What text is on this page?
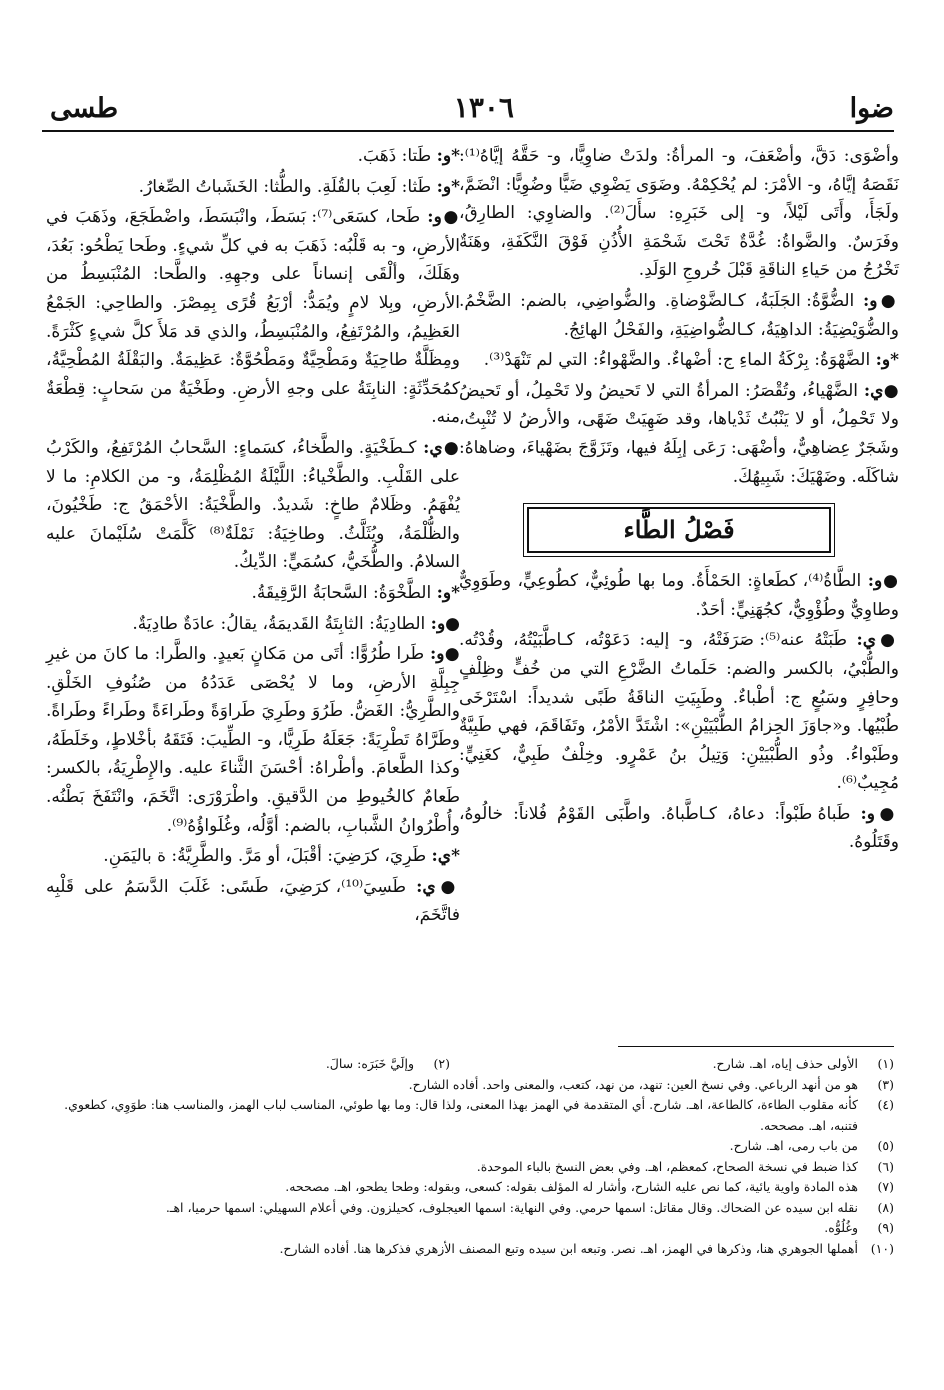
ضوا
١٣٠٦
طسى

وأضْوَى: دَقَّ، وأضْعَفَ، و- المرأةُ: ولدَتْ ضاوِيًّا، و- حَقَّهُ إيَّاهُ⁽¹⁾: نَقَصَهُ إيَّاهُ، و- الأمْرَ: لم يُحْكِمْهُ. وضَوَى يَضْوِي ضَيًّا وضُوِيًّا: انْضَمَّ، ولَجَأَ، وأَتَى لَيْلاً، و- إلى خَبَرِهِ: سأَلَ⁽²⁾. والضاوِي: الطارِقُ، وفَرَسٌ. والضَّواةُ: غُدَّةٌ تَحْتَ شَحْمَةِ الأُذُنِ فَوْقَ النَّكَفَةِ، وهَنَةٌ تَخْرُجُ من حَياءِ الناقَةِ قَبْلَ خُروجِ الوَلَدِ.

●و: الضُّوَّةُ: الجَلَبَةُ، كـالضَّوْضاةِ. والضُّواضِي، بالضم: الضَّخْمُ. والضُّوَيْضِيَةُ: الداهِيَةُ، كـالضُّواضِيَةِ، والفَحْلُ الهائِجُ.

*و: الضَّهْوَةُ: بِرْكَةُ الماءِ ج: أضْهاءٌ. والضَّهْواءُ: التي لم تَنْهَدْ⁽³⁾.

●ي: الضَّهْياءُ، وتُقْصَرُ: المرأةُ التي لا تَحيضُ ولا تَحْمِلُ، أو تَحيضُ ولا تَحْمِلُ، أو لا يَنْبُتُ ثَدْياها، وقد ضَهِيَتْ ضَهًى، والأرضُ لا تُنْبِتُ، وشَجَرٌ عِضاهِيٌّ، وأضْهَى: رَعَى إبِلَهُ فيها، وتَزَوَّجَ بضَهْياءَ، وضاهاهُ: شاكَلَه. وضَهْيَكَ: شَبِيهُكَ.

فَصْلُ الطَّاء

●و: الطَّاةُ⁽⁴⁾، كطَعاةٍ: الحَمْأَةُ. وما بها طُوئِيٌّ، كطُوعِيٍّ، وطَوَوِيٌّ وطاوِيٌّ وطُؤْوِيٌّ، كجُهَنِيٍّ: أحَدٌ.

●ي: طَبَتْهُ عنه⁽⁵⁾: صَرَفَتْهُ، و- إليه: دَعَوْتُه، كـاطَّبَيْتُهُ، وقُدْتُه. والطُّبْيُ، بالكسر والضم: حَلَماتُ الضَّرْعِ التي من خُفٍّ وظِلْفٍ وحافِرٍ وسَبُعٍ ج: أطْباءٌ. وطَبِيَتِ الناقَةُ طَبًى شديداً: اسْتَرْخَى طُبْيُها. و«جاوَزَ الحِزامُ الطُّبْيَيْنِ»: اشْتَدَّ الأمْرُ، وتَفَاقَمَ، فهي طَبِيَّةٌ وطَبْواءُ. وذُو الطُّبْيَيْنِ: وَتِيلُ بنُ عَمْرٍو. وخِلْفٌ طَبِيٌّ، كغَنِيٍّ: مُجِيبٌ⁽⁶⁾.

●و: طَباهُ طَبْواً: دعاهُ، كـاطَّباهُ. واطَّبَى القَوْمُ فُلاناً: خالُوهُ، وقَتَلُوهُ.

*و: طَتا: ذَهَبَ.

*و: طَثا: لَعِبَ بالقُلَةِ. والطُّثا: الخَشَباتُ الصِّغارُ.

●و: طَحا، كسَعَى⁽⁷⁾: بَسَطَ، وانْبَسَطَ، واضْطَجَعَ، وذَهَبَ في الأرضِ، و- به قَلْبُه: ذَهَبَ به في كلِّ شيءٍ. وطَحا يَطْحُو: بَعُدَ، وهَلَكَ، وألْقَى إنساناً على وجهِهِ. والطَّحا: المُنْبَسِطُ من الأرضِ، وبِلا لامٍ ويُمَدُّ: أرْبَعُ قُرًى بِمِصْرَ. والطاحِي: الجَمْعُ العَظِيمُ، والمُرْتَفِعُ، والمُنْبَسِطُ، والذي قد مَلأَ كلَّ شيءٍ كَثْرَةً. ومِظَلَّةٌ طاحِيَةٌ ومَطْحِيَّةٌ ومَطْحُوَّةٌ: عَظِيمَةٌ. والبَقْلَةُ المُطْحِيَّةُ، كمُحَدِّثَةٍ: النابِتَةُ على وجهِ الأرضِ. وطَخْيَةٌ من سَحابٍ: قِطْعَةٌ منه.

●ي: كـطَخْيَةٍ. والطَّخاءُ، كسَماءٍ: السَّحابُ المُرْتَفِعُ، والكَرْبُ على القَلْبِ. والطَّخْياءُ: اللَّيْلَةُ المُظْلِمَةُ، و- من الكلامِ: ما لا يُفْهَمُ. وظَلامٌ طاخٍ: شَديدٌ. والطَّخْيَةُ: الأحْمَقُ ج: طَخْيُونَ، والظُّلْمَةُ، ويُثَلَّثُ. وطاخِيَةُ: نَمْلَةٌ⁽⁸⁾ كَلَّمَتْ سُلَيْمانَ عليه السلامُ. والطُّخَيُّ، كسُمَيٍّ: الدِّيكُ.

*و: الطَّخْوَةُ: السَّحابَةُ الرَّقِيقَةُ.

●و: الطادِيَةُ: الثابِتَةُ القَديمَةُ، يقالُ: عادَةٌ طادِيَةٌ.

●و: طَرا طُرُوًّا: أتَى من مَكانٍ بَعيدٍ. والطَّرا: ما كانَ من غيرِ جِبِلَّةِ الأرضِ، وما لا يُحْصَى عَدَدُهُ من صُنُوفِ الخَلْقِ. والطَّرِيُّ: الغَضُّ. طَرُوَ وطَرِيَ طَراوَةً وطَراءَةً وطَراءً وطَراةً. وطَرَّاهُ تَطْرِيَةً: جَعَلَهُ طَرِيًّا، و- الطِّيبَ: فَتَقَهُ بأخْلاطٍ، وخَلَطَهُ، وكذا الطَّعامَ. وأطْراهُ: أحْسَنَ الثَّناءَ عليه. والإِطْرِيَةُ، بالكسر: طَعامٌ كالخُيوطِ من الدَّقيقِ. واطْرَوْرَى: اتَّخَمَ، وانْتَفَخَ بَطْنُه. وأُطْرُوانُ الشَّبابِ، بالضم: أوَّلُه، وغُلَواؤُهُ⁽⁹⁾.

*ي: طَرِيَ، كرَضِيَ: أقْبَلَ، أو مَرَّ. والطَّرِيَّةُ: ة باليَمَنِ.

●ي: طَسِيَ⁽¹⁰⁾، كرَضِيَ، طَسًى: غَلَبَ الدَّسَمُ على قَلْبِه فاتَّخَمَ،

(١)
الأولى حذف إياه، اهـ. شارح.
(٢)
وإلَيَّ خَبَرَه: سالَ.
(٣)
هو من أنهد الرباعي. وفي نسخ العين: تنهد، من نهد، كتعب، والمعنى واحد. أفاده الشارح.
(٤)
كأنه مقلوب الطاءة، كالطاعة، اهـ. شارح. أي المتقدمة في الهمز بهذا المعنى، ولذا قال: وما بها طوئي، المناسب لباب الهمز، والمناسب هنا: طوَوِي، كطعوي. فتنبه، اهـ. مصححه.
(٥)
من باب رمى، اهـ. شارح.
(٦)
كذا ضبط في نسخة الصحاح، كمعظم، اهـ. وفي بعض النسخ بالباء الموحدة.
(٧)
هذه المادة واوية يائية، كما نص عليه الشارح، وأشار له المؤلف بقوله: كسعى، وبقوله: وطحا يطحو، اهـ. مصححه.
(٨)
نقله ابن سيده عن الضحاك. وقال مقاتل: اسمها حرمي. وفي النهاية: اسمها العيجلوف، كحيلزون. وفي أعلام السهيلي: اسمها حرميا، اهـ.
(٩)
وغُلُوُّه.
(١٠)
أهملها الجوهري هنا، وذكرها في الهمز، اهـ. نصر. وتبعه ابن سيده وتبع المصنف الأزهري فذكرها هنا. أفاده الشارح.
